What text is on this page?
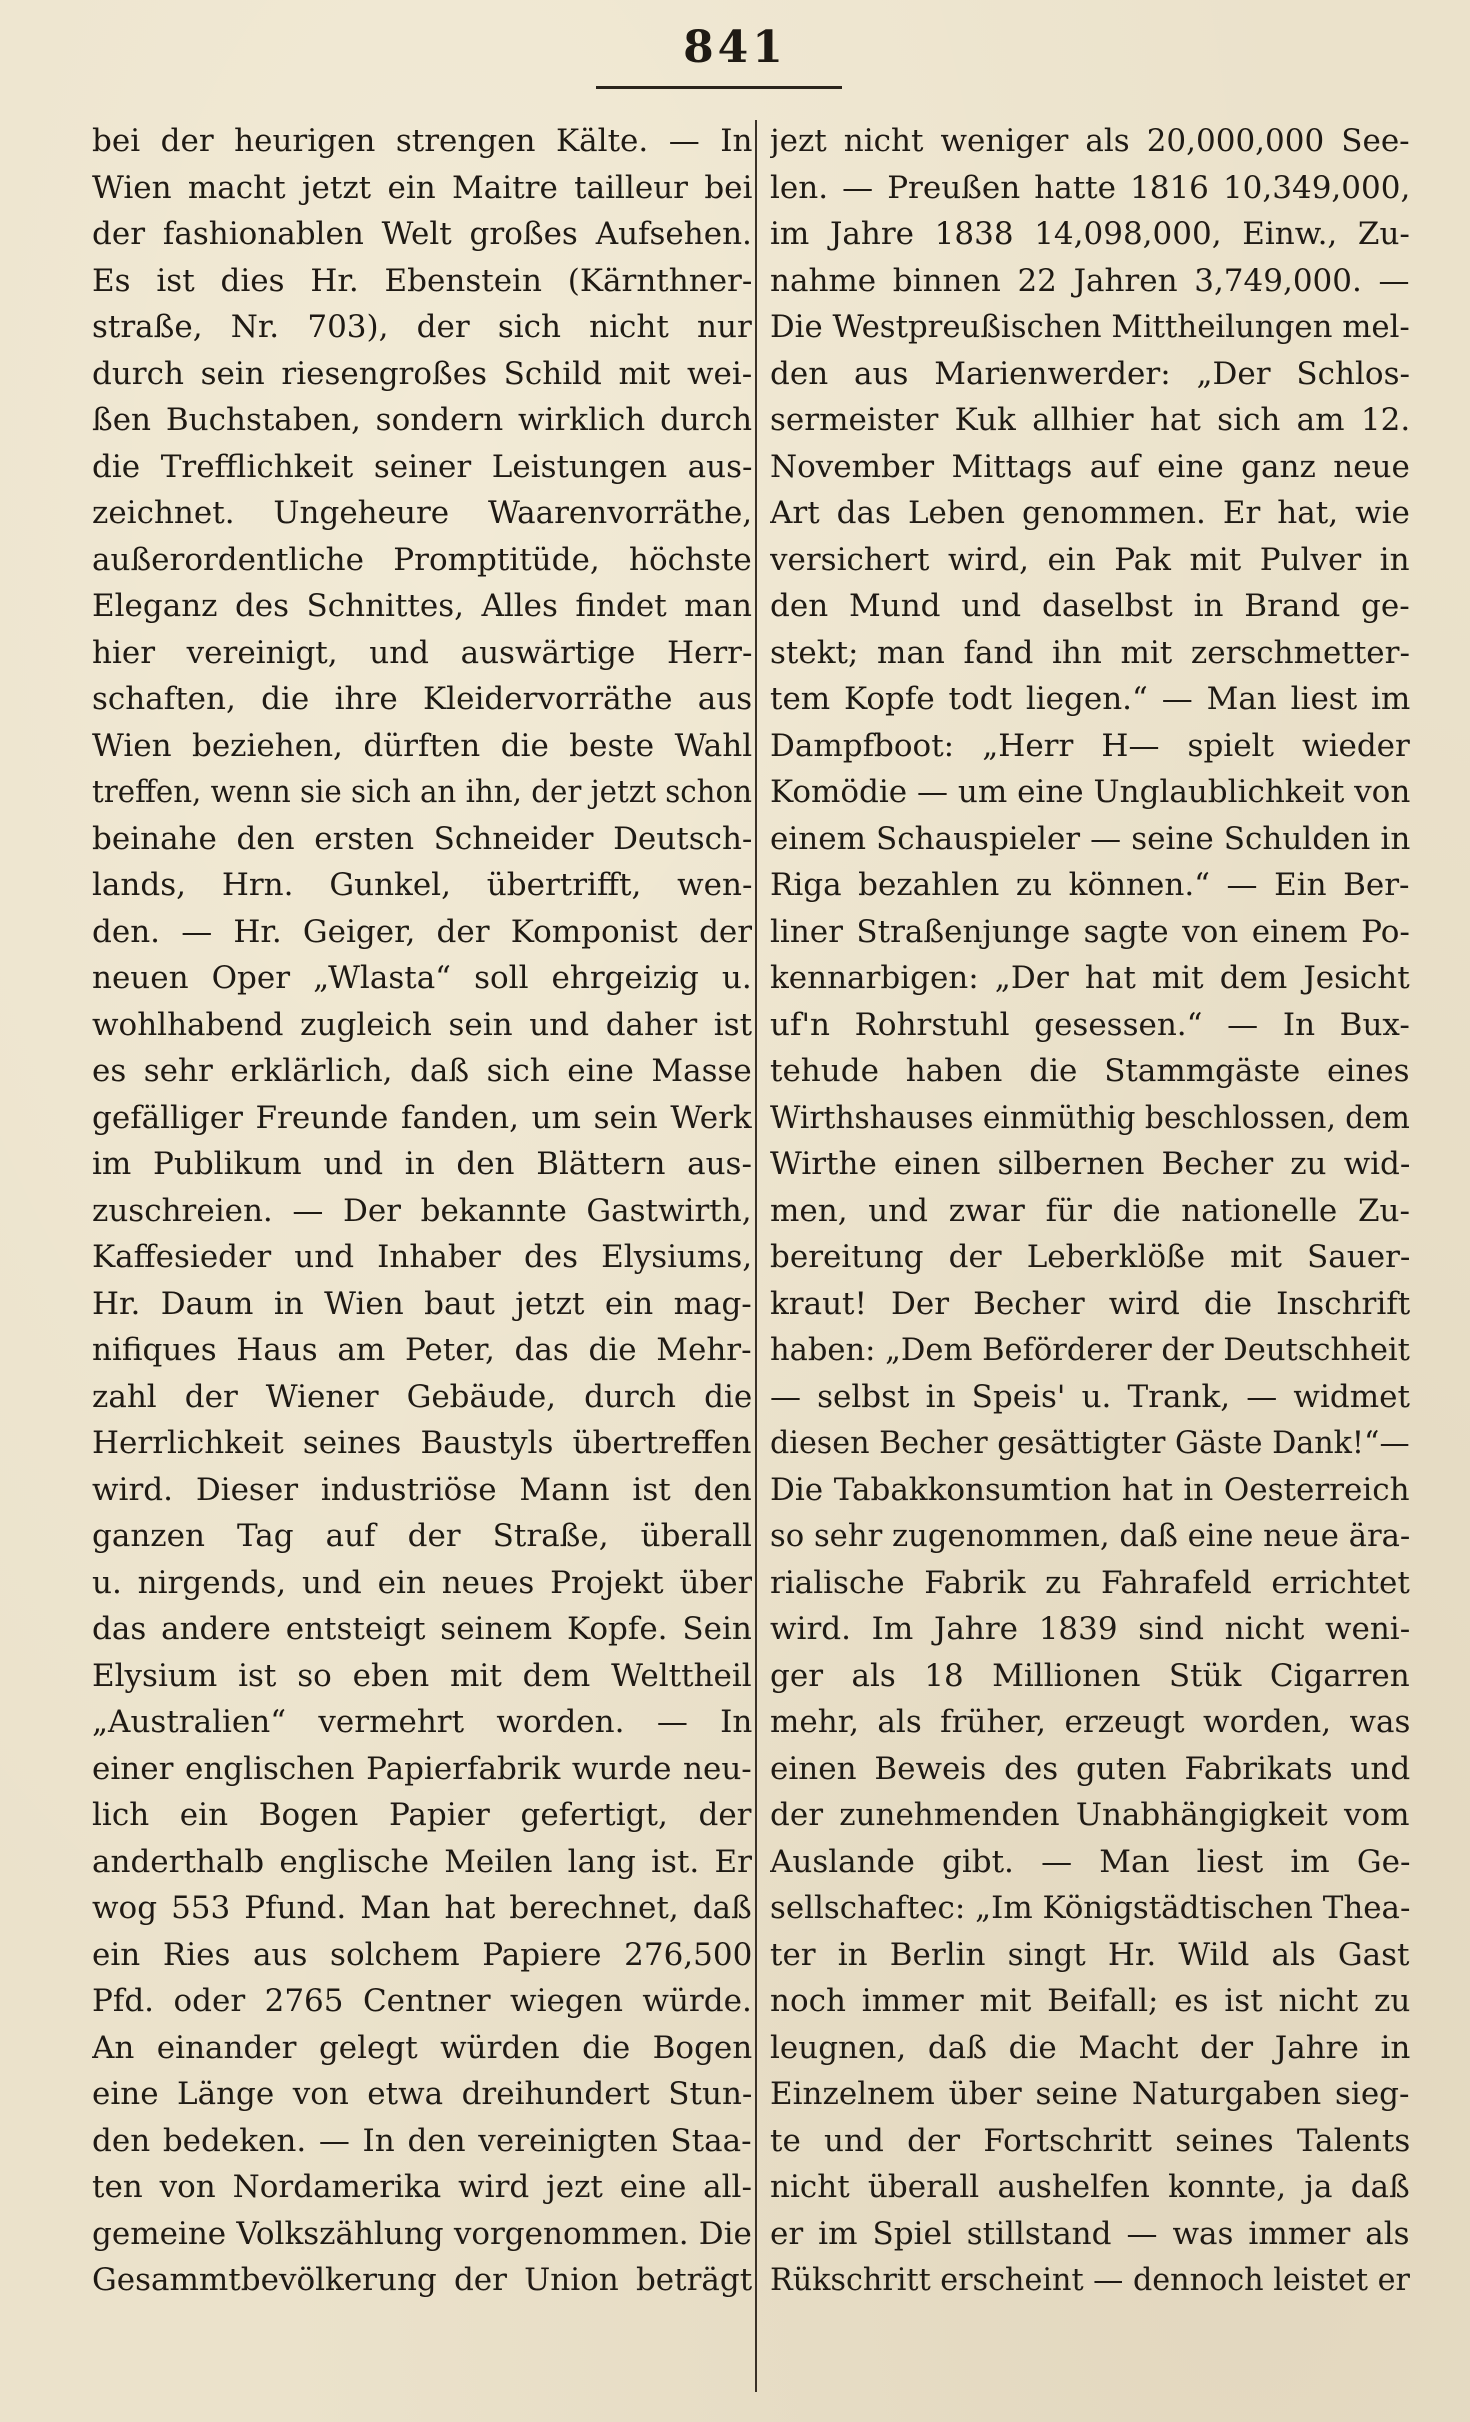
841
bei der heurigen strengen Kälte. — In
Wien macht jetzt ein Maitre tailleur bei
der fashionablen Welt großes Aufsehen.
Es ist dies Hr. Ebenstein (Kärnthner-
straße, Nr. 703), der sich nicht nur
durch sein riesengroßes Schild mit wei-
ßen Buchstaben, sondern wirklich durch
die Trefflichkeit seiner Leistungen aus-
zeichnet. Ungeheure Waarenvorräthe,
außerordentliche Promptitüde, höchste
Eleganz des Schnittes, Alles findet man
hier vereinigt, und auswärtige Herr-
schaften, die ihre Kleidervorräthe aus
Wien beziehen, dürften die beste Wahl
treffen, wenn sie sich an ihn, der jetzt schon
beinahe den ersten Schneider Deutsch-
lands, Hrn. Gunkel, übertrifft, wen-
den. — Hr. Geiger, der Komponist der
neuen Oper „Wlasta“ soll ehrgeizig u.
wohlhabend zugleich sein und daher ist
es sehr erklärlich, daß sich eine Masse
gefälliger Freunde fanden, um sein Werk
im Publikum und in den Blättern aus-
zuschreien. — Der bekannte Gastwirth,
Kaffesieder und Inhaber des Elysiums,
Hr. Daum in Wien baut jetzt ein mag-
nifiques Haus am Peter, das die Mehr-
zahl der Wiener Gebäude, durch die
Herrlichkeit seines Baustyls übertreffen
wird. Dieser industriöse Mann ist den
ganzen Tag auf der Straße, überall
u. nirgends, und ein neues Projekt über
das andere entsteigt seinem Kopfe. Sein
Elysium ist so eben mit dem Welttheil
„Australien“ vermehrt worden. — In
einer englischen Papierfabrik wurde neu-
lich ein Bogen Papier gefertigt, der
anderthalb englische Meilen lang ist. Er
wog 553 Pfund. Man hat berechnet, daß
ein Ries aus solchem Papiere 276,500
Pfd. oder 2765 Centner wiegen würde.
An einander gelegt würden die Bogen
eine Länge von etwa dreihundert Stun-
den bedeken. — In den vereinigten Staa-
ten von Nordamerika wird jezt eine all-
gemeine Volkszählung vorgenommen. Die
Gesammtbevölkerung der Union beträgt
jezt nicht weniger als 20,000,000 See-
len. — Preußen hatte 1816 10,349,000,
im Jahre 1838 14,098,000, Einw., Zu-
nahme binnen 22 Jahren 3,749,000. —
Die Westpreußischen Mittheilungen mel-
den aus Marienwerder: „Der Schlos-
sermeister Kuk allhier hat sich am 12.
November Mittags auf eine ganz neue
Art das Leben genommen. Er hat, wie
versichert wird, ein Pak mit Pulver in
den Mund und daselbst in Brand ge-
stekt; man fand ihn mit zerschmetter-
tem Kopfe todt liegen.“ — Man liest im
Dampfboot: „Herr H— spielt wieder
Komödie — um eine Unglaublichkeit von
einem Schauspieler — seine Schulden in
Riga bezahlen zu können.“ — Ein Ber-
liner Straßenjunge sagte von einem Po-
kennarbigen: „Der hat mit dem Jesicht
uf'n Rohrstuhl gesessen.“ — In Bux-
tehude haben die Stammgäste eines
Wirthshauses einmüthig beschlossen, dem
Wirthe einen silbernen Becher zu wid-
men, und zwar für die nationelle Zu-
bereitung der Leberklöße mit Sauer-
kraut! Der Becher wird die Inschrift
haben: „Dem Beförderer der Deutschheit
— selbst in Speis' u. Trank, — widmet
diesen Becher gesättigter Gäste Dank!“—
Die Tabakkonsumtion hat in Oesterreich
so sehr zugenommen, daß eine neue ära-
rialische Fabrik zu Fahrafeld errichtet
wird. Im Jahre 1839 sind nicht weni-
ger als 18 Millionen Stük Cigarren
mehr, als früher, erzeugt worden, was
einen Beweis des guten Fabrikats und
der zunehmenden Unabhängigkeit vom
Auslande gibt. — Man liest im Ge-
sellschaftec: „Im Königstädtischen Thea-
ter in Berlin singt Hr. Wild als Gast
noch immer mit Beifall; es ist nicht zu
leugnen, daß die Macht der Jahre in
Einzelnem über seine Naturgaben sieg-
te und der Fortschritt seines Talents
nicht überall aushelfen konnte, ja daß
er im Spiel stillstand — was immer als
Rükschritt erscheint — dennoch leistet er
